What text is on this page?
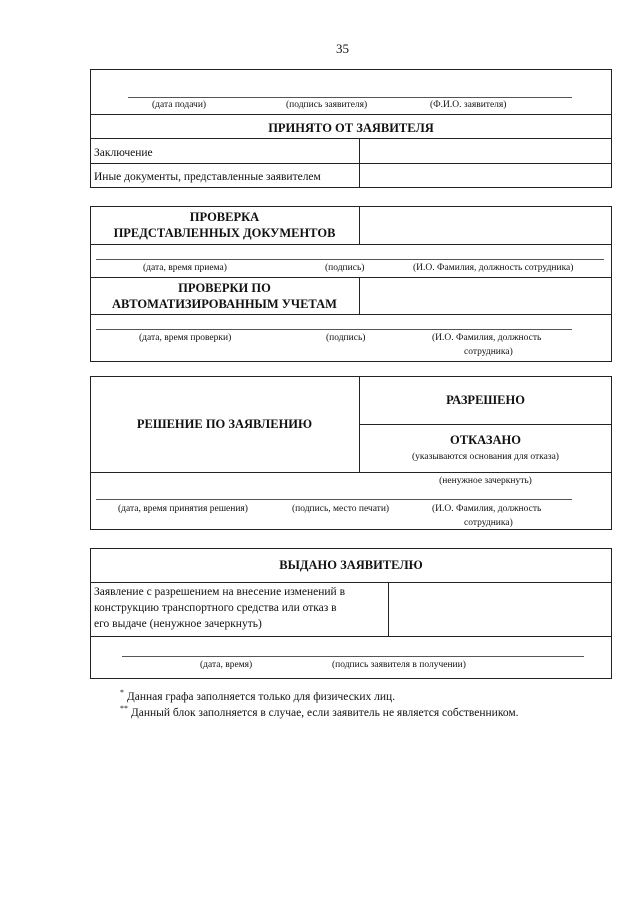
35
(дата подачи)	(подпись заявителя)	(Ф.И.О. заявителя)
ПРИНЯТО ОТ ЗАЯВИТЕЛЯ
Заключение
Иные документы, представленные заявителем
ПРОВЕРКА
ПРЕДСТАВЛЕННЫХ ДОКУМЕНТОВ
(дата, время приема)	(подпись)	(И.О. Фамилия, должность сотрудника)
ПРОВЕРКИ ПО
АВТОМАТИЗИРОВАННЫМ УЧЕТАМ
(дата, время проверки)	(подпись)	(И.О. Фамилия, должность
сотрудника)
РЕШЕНИЕ ПО ЗАЯВЛЕНИЮ
РАЗРЕШЕНО
ОТКАЗАНО
(указываются основания для отказа)
(ненужное зачеркнуть)
(дата, время принятия решения)	(подпись, место печати)	(И.О. Фамилия, должность
сотрудника)
ВЫДАНО ЗАЯВИТЕЛЮ
Заявление с разрешением на внесение изменений в
конструкцию транспортного средства или отказ в
его выдаче (ненужное зачеркнуть)
(дата, время)	(подпись заявителя в получении)
* Данная графа заполняется только для физических лиц.
** Данный блок заполняется в случае, если заявитель не является собственником.
